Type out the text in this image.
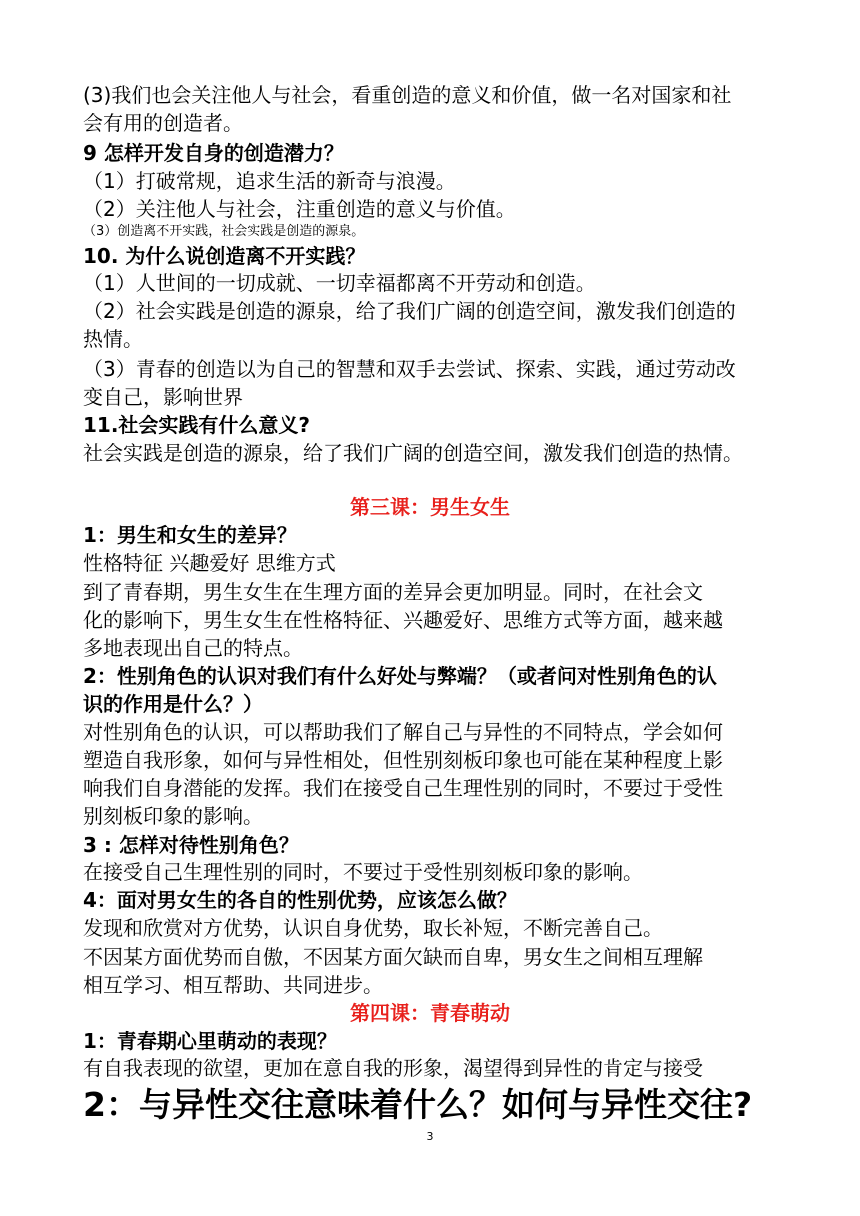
(3)我们也会关注他人与社会，看重创造的意义和价值，做一名对国家和社

会有用的创造者。

9 怎样开发自身的创造潜力？

（1）打破常规，追求生活的新奇与浪漫。

（2）关注他人与社会，注重创造的意义与价值。

（3）创造离不开实践，社会实践是创造的源泉。

10. 为什么说创造离不开实践？

（1）人世间的一切成就、一切幸福都离不开劳动和创造。

（2）社会实践是创造的源泉，给了我们广阔的创造空间，激发我们创造的

热情。

（3）青春的创造以为自己的智慧和双手去尝试、探索、实践，通过劳动改

变自己，影响世界

11.社会实践有什么意义?

社会实践是创造的源泉，给了我们广阔的创造空间，激发我们创造的热情。

第三课：男生女生

1：男生和女生的差异？

性格特征 兴趣爱好 思维方式

到了青春期，男生女生在生理方面的差异会更加明显。同时，在社会文

化的影响下，男生女生在性格特征、兴趣爱好、思维方式等方面，越来越

多地表现出自己的特点。

2：性别角色的认识对我们有什么好处与弊端？（或者问对性别角色的认

识的作用是什么？）

对性别角色的认识，可以帮助我们了解自己与异性的不同特点，学会如何

塑造自我形象，如何与异性相处，但性别刻板印象也可能在某种程度上影

响我们自身潜能的发挥。我们在接受自己生理性别的同时，不要过于受性

别刻板印象的影响。

3 : 怎样对待性别角色？

在接受自己生理性别的同时，不要过于受性别刻板印象的影响。

4：面对男女生的各自的性别优势，应该怎么做？

发现和欣赏对方优势，认识自身优势，取长补短，不断完善自己。

不因某方面优势而自傲，不因某方面欠缺而自卑，男女生之间相互理解

相互学习、相互帮助、共同进步。

第四课：青春萌动

1：青春期心里萌动的表现？

有自我表现的欲望，更加在意自我的形象，渴望得到异性的肯定与接受

2：与异性交往意味着什么？如何与异性交往?

3
